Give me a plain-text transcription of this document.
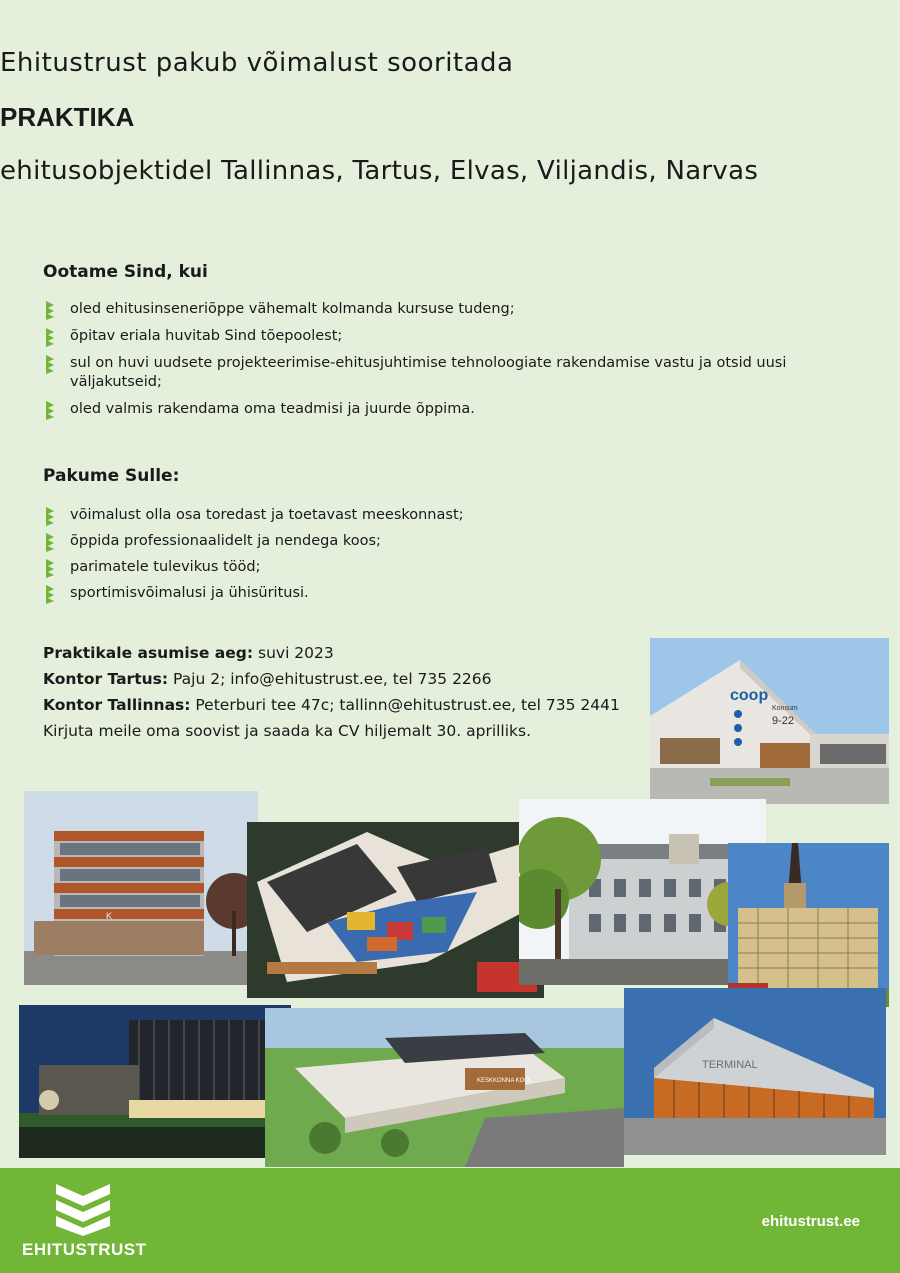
Ehitustrust pakub võimalust sooritada
PRAKTIKA
ehitusobjektidel Tallinnas, Tartus, Elvas, Viljandis, Narvas
Ootame Sind, kui
oled ehitusinseneriõppe vähemalt kolmanda kursuse tudeng;
õpitav eriala huvitab Sind tõepoolest;
sul on huvi uudsete projekteerimise-ehitusjuhtimise tehnoloogiate rakendamise vastu ja otsid uusi väljakutseid;
oled valmis rakendama oma teadmisi ja juurde õppima.
Pakume Sulle:
võimalust olla osa toredast ja toetavast meeskonnast;
õppida professionaalidelt ja nendega koos;
parimatele tulevikus tööd;
sportimisvõimalusi ja ühisüritusi.
Praktikale asumise aeg: suvi 2023
Kontor Tartus: Paju 2; info@ehitustrust.ee, tel 735 2266
Kontor Tallinnas: Peterburi tee 47c; tallinn@ehitustrust.ee, tel 735 2441
Kirjuta meile oma soovist ja saada ka CV hiljemalt 30. aprilliks.
coop
Konsum
9-22
K
KESKKONNA KOOL
TERMINAL
EHITUSTRUST
ehitustrust.ee
